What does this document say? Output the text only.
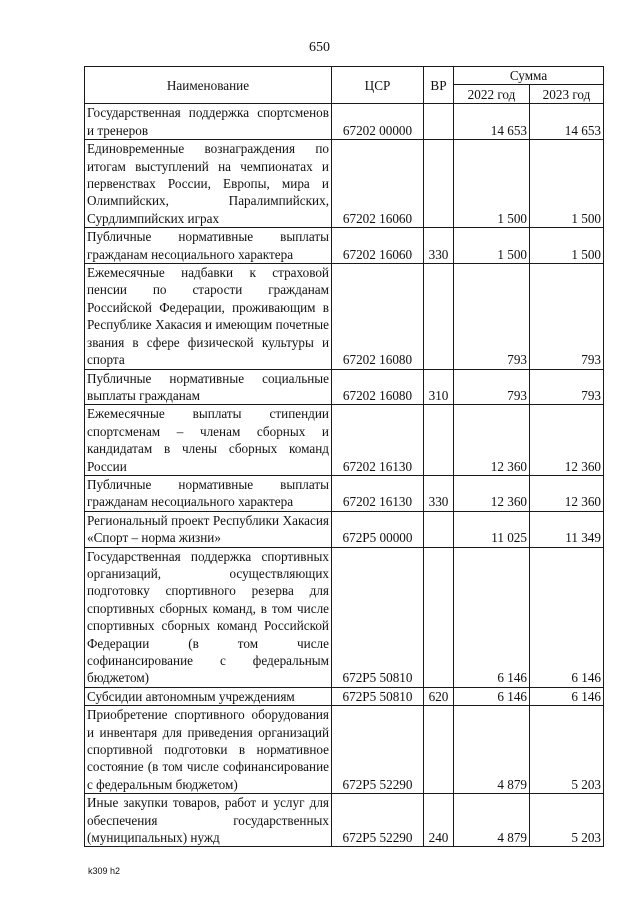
650
Наименование	ЦСР	ВР	Сумма	
			2022 год	2023 год
Государственная поддержка спортсменов и тренеров	67202 00000		14 653	14 653
Единовременные вознаграждения по итогам выступлений на чемпионатах и первенствах России, Европы, мира и Олимпийских, Паралимпийских, Сурдлимпийских играх	67202 16060		1 500	1 500
Публичные нормативные выплаты гражданам несоциального характера	67202 16060	330	1 500	1 500
Ежемесячные надбавки к страховой пенсии по старости гражданам Российской Федерации, проживающим в Республике Хакасия и имеющим почетные звания в сфере физической культуры и спорта	67202 16080		793	793
Публичные нормативные социальные выплаты гражданам	67202 16080	310	793	793
Ежемесячные выплаты стипендии спортсменам – членам сборных и кандидатам в члены сборных команд России	67202 16130		12 360	12 360
Публичные нормативные выплаты гражданам несоциального характера	67202 16130	330	12 360	12 360
Региональный проект Республики Хакасия «Спорт – норма жизни»	672P5 00000		11 025	11 349
Государственная поддержка спортивных организаций, осуществляющих подготовку спортивного резерва для спортивных сборных команд, в том числе спортивных сборных команд Российской Федерации (в том числе софинансирование с федеральным бюджетом)	672P5 50810		6 146	6 146
Субсидии автономным учреждениям	672P5 50810	620	6 146	6 146
Приобретение спортивного оборудования и инвентаря для приведения организаций спортивной подготовки в нормативное состояние (в том числе софинансирование с федеральным бюджетом)	672P5 52290		4 879	5 203
Иные закупки товаров, работ и услуг для обеспечения государственных (муниципальных) нужд	672P5 52290	240	4 879	5 203
k309 h2
